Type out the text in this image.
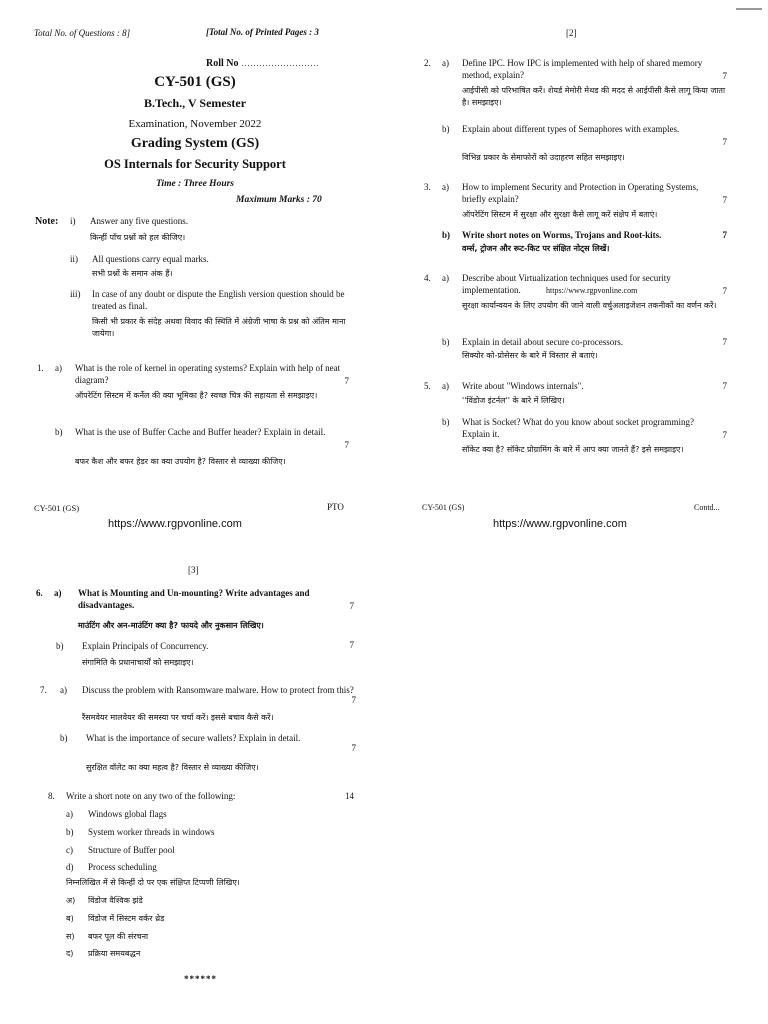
Total No. of Questions : 8]	[Total No. of Printed Pages : 3
Roll No ..........................
CY-501 (GS)
B.Tech., V Semester
Examination, November 2022
Grading System (GS)
OS Internals for Security Support
Time : Three Hours
Maximum Marks : 70
Note: i) Answer any five questions.
किन्हीं पाँच प्रश्नों को हल कीजिए।
ii) All questions carry equal marks.
सभी प्रश्नों के समान अंक हैं।
iii) In case of any doubt or dispute the English version question should be treated as final.
किसी भी प्रकार के संदेह अथवा विवाद की स्थिति में अंग्रेजी भाषा के प्रश्न को अंतिम माना जायेगा।
1. a) What is the role of kernel in operating systems? Explain with help of neat diagram?	7
ऑपरेटिंग सिस्टम में कर्नेल की क्या भूमिका है? स्वच्छ चित्र की सहायता से समझाइए।
b) What is the use of Buffer Cache and Buffer header? Explain in detail.
7
बफर कैश और बफर हेडर का क्या उपयोग है? विस्तार से व्याख्या कीजिए।
CY-501 (GS)	PTO
https://www.rgpvonline.com
[2]
2. a) Define IPC. How IPC is implemented with help of shared memory method, explain?	7
आईपीसी को परिभाषित करें। शेयर्ड मेमोरी मेथड की मदद से आईपीसी कैसे लागू किया जाता है। समझाइए।
b) Explain about different types of Semaphores with examples.
7
विभिन्न प्रकार के सेमाफोरों को उदाहरण सहित समझाइए।
3. a) How to implement Security and Protection in Operating Systems, briefly explain?	7
ऑपरेटिंग सिस्टम में सुरक्षा और सुरक्षा कैसे लागू करें संक्षेप में बताएं।
b) Write short notes on Worms, Trojans and Root-kits.	7
वर्म्स, ट्रोजन और रूट-किट पर संक्षित नोट्स लिखें।
4. a) Describe about Virtualization techniques used for security implementation.	https://www.rgpvonline.com	7
सुरक्षा कार्यान्वयन के लिए उपयोग की जाने वाली वर्चुअलाइजेशन तकनीकों का वर्णन करें।
b) Explain in detail about secure co-processors.	7
सिक्योर को-प्रोसेसर के बारे में विस्तार से बताएं।
5. a) Write about "Windows internals".	7
''विंडोज इंटर्नल'' के बारे में लिखिए।
b) What is Socket? What do you know about socket programming? Explain it.	7
सॉकेट क्या है? सॉकेट प्रोग्रामिंग के बारे में आप क्या जानते हैं? इसे समझाइए।
CY-501 (GS)	Contd...
https://www.rgpvonline.com
[3]
6. a) What is Mounting and Un-mounting? Write advantages and disadvantages.	7
माउंटिंग और अन-माउंटिंग क्या है? फायदे और नुकसान लिखिए।
b) Explain Principals of Concurrency.	7
संगामिति के प्रधानाचार्यों को समझाइए।
7. a) Discuss the problem with Ransomware malware. How to protect from this?
7
रैंसमवेयर मालवेयर की समस्या पर चर्चा करें। इससे बचाव कैसे करें।
b) What is the importance of secure wallets? Explain in detail.
7
सुरक्षित वॉलेट का क्या महत्व है? विस्तार से व्याख्या कीजिए।
8. Write a short note on any two of the following:	14
a) Windows global flags
b) System worker threads in windows
c) Structure of Buffer pool
d) Process scheduling
निम्नलिखित में से किन्हीं दो पर एक संक्षिप्त टिप्पणी लिखिए।
अ) विंडोज वैश्विक झंडे
ब) विंडोज में सिस्टम वर्कर थ्रेड
स) बफर पूल की संरचना
द) प्रक्रिया समयबद्धन
******
